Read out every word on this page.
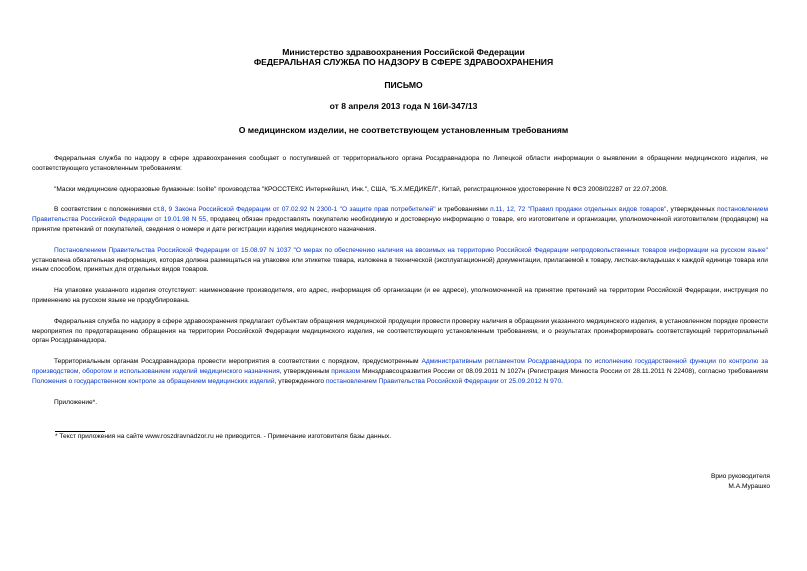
Министерство здравоохранения Российской Федерации
ФЕДЕРАЛЬНАЯ СЛУЖБА ПО НАДЗОРУ В СФЕРЕ ЗДРАВООХРАНЕНИЯ
ПИСЬМО
от 8 апреля 2013 года N 16И-347/13
О медицинском изделии, не соответствующем установленным требованиям

Федеральная служба по надзору в сфере здравоохранения сообщает о поступившей от территориального органа Росздравнадзора по Липецкой области информации о выявлении в обращении медицинского изделия, не соответствующего установленным требованиям:

"Маски медицинские одноразовые бумажные: Isolite" производства "КРОССТЕКС Интернейшнл, Инк.", США, "Б.Х.МЕДИКЕЛ", Китай, регистрационное удостоверение N ФСЗ 2008/02287 от 22.07.2008.

В соответствии с положениями ст.8, 9 Закона Российской Федерации от 07.02.92 N 2300-1 "О защите прав потребителей" и требованиями п.11, 12, 72 "Правил продажи отдельных видов товаров", утвержденных постановлением Правительства Российской Федерации от 19.01.98 N 55, продавец обязан предоставлять покупателю необходимую и достоверную информацию о товаре, его изготовителе и организации, уполномоченной изготовителем (продавцом) на принятие претензий от покупателей, сведения о номере и дате регистрации изделия медицинского назначения.

Постановлением Правительства Российской Федерации от 15.08.97 N 1037 "О мерах по обеспечению наличия на ввозимых на территорию Российской Федерации непродовольственных товаров информации на русском языке" установлена обязательная информация, которая должна размещаться на упаковке или этикетке товара, изложена в технической (эксплуатационной) документации, прилагаемой к товару, листках-вкладышах к каждой единице товара или иным способом, принятых для отдельных видов товаров.

На упаковке указанного изделия отсутствуют: наименование производителя, его адрес, информация об организации (и ее адресе), уполномоченной на принятие претензий на территории Российской Федерации, инструкция по применению на русском языке не продублирована.

Федеральная служба по надзору в сфере здравоохранения предлагает субъектам обращения медицинской продукции провести проверку наличия в обращении указанного медицинского изделия, в установленном порядке провести мероприятия по предотвращению обращения на территории Российской Федерации медицинского изделия, не соответствующего установленным требованиям, и о результатах проинформировать соответствующий территориальный орган Росздравнадзора.

Территориальным органам Росздравнадзора провести мероприятия в соответствии с порядком, предусмотренным Административным регламентом Росздравнадзора по исполнению государственной функции по контролю за производством, оборотом и использованием изделий медицинского назначения, утвержденным приказом Минздравсоцразвития России от 08.09.2011 N 1027н (Регистрация Минюста России от 28.11.2011 N 22408), согласно требованиям Положения о государственном контроле за обращением медицинских изделий, утвержденного постановлением Правительства Российской Федерации от 25.09.2012 N 970.

Приложение*.

* Текст приложения на сайте www.roszdravnadzor.ru не приводится. - Примечание изготовителя базы данных.
Врио руководителя
М.А.Мурашко
